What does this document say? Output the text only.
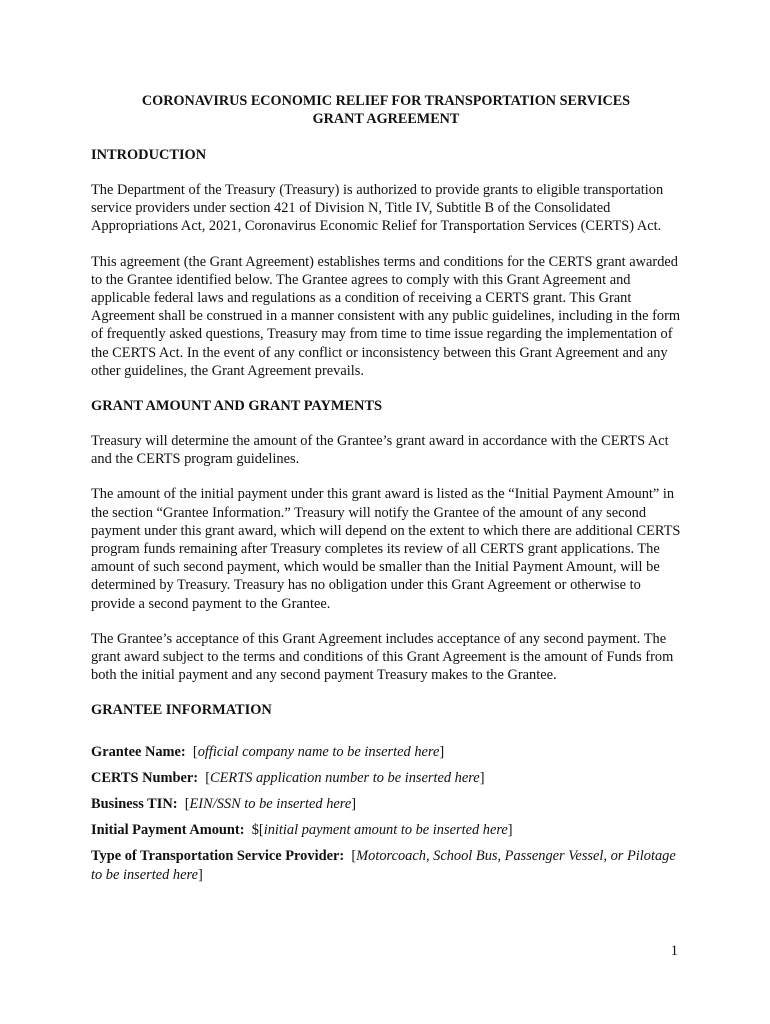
CORONAVIRUS ECONOMIC RELIEF FOR TRANSPORTATION SERVICES

GRANT AGREEMENT

INTRODUCTION

The Department of the Treasury (Treasury) is authorized to provide grants to eligible transportation service providers under section 421 of Division N, Title IV, Subtitle B of the Consolidated Appropriations Act, 2021, Coronavirus Economic Relief for Transportation Services (CERTS) Act.

This agreement (the Grant Agreement) establishes terms and conditions for the CERTS grant awarded to the Grantee identified below. The Grantee agrees to comply with this Grant Agreement and applicable federal laws and regulations as a condition of receiving a CERTS grant. This Grant Agreement shall be construed in a manner consistent with any public guidelines, including in the form of frequently asked questions, Treasury may from time to time issue regarding the implementation of the CERTS Act. In the event of any conflict or inconsistency between this Grant Agreement and any other guidelines, the Grant Agreement prevails.

GRANT AMOUNT AND GRANT PAYMENTS

Treasury will determine the amount of the Grantee’s grant award in accordance with the CERTS Act and the CERTS program guidelines.

The amount of the initial payment under this grant award is listed as the “Initial Payment Amount” in the section “Grantee Information.” Treasury will notify the Grantee of the amount of any second payment under this grant award, which will depend on the extent to which there are additional CERTS program funds remaining after Treasury completes its review of all CERTS grant applications. The amount of such second payment, which would be smaller than the Initial Payment Amount, will be determined by Treasury. Treasury has no obligation under this Grant Agreement or otherwise to provide a second payment to the Grantee.

The Grantee’s acceptance of this Grant Agreement includes acceptance of any second payment. The grant award subject to the terms and conditions of this Grant Agreement is the amount of Funds from both the initial payment and any second payment Treasury makes to the Grantee.

GRANTEE INFORMATION

Grantee Name: [official company name to be inserted here]

CERTS Number: [CERTS application number to be inserted here]

Business TIN: [EIN/SSN to be inserted here]

Initial Payment Amount: $[initial payment amount to be inserted here]

Type of Transportation Service Provider: [Motorcoach, School Bus, Passenger Vessel, or Pilotage to be inserted here]

1
